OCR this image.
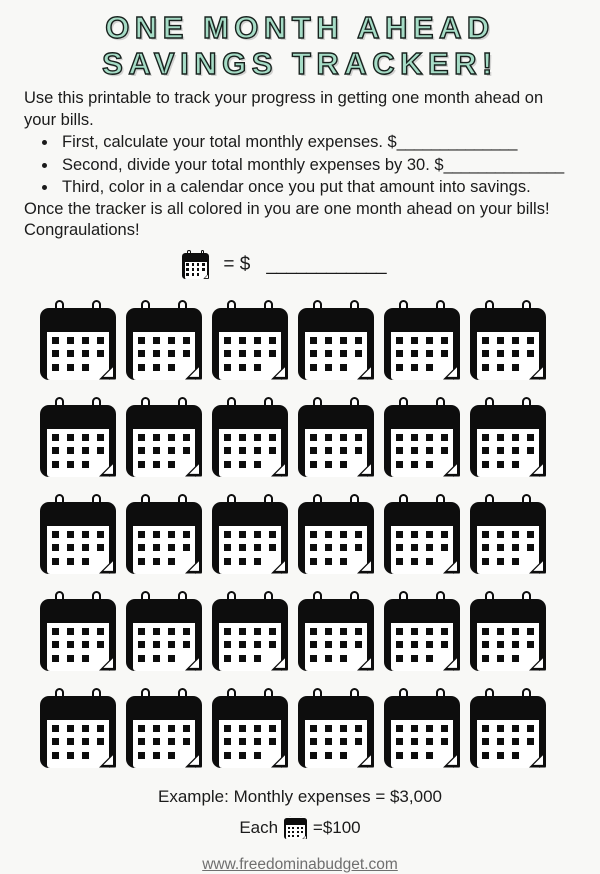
ONE MONTH AHEAD
SAVINGS TRACKER!

Use this printable to track your progress in getting one month ahead on your bills.

• First, calculate your total monthly expenses. $______________
• Second, divide your total monthly expenses by 30. $______________
• Third, color in a calendar once you put that amount into savings.

Once the tracker is all colored in you are one month ahead on your bills!

Congraulations!

= $ ____________
Example: Monthly expenses = $3,000
Each =$100
www.freedominabudget.com
